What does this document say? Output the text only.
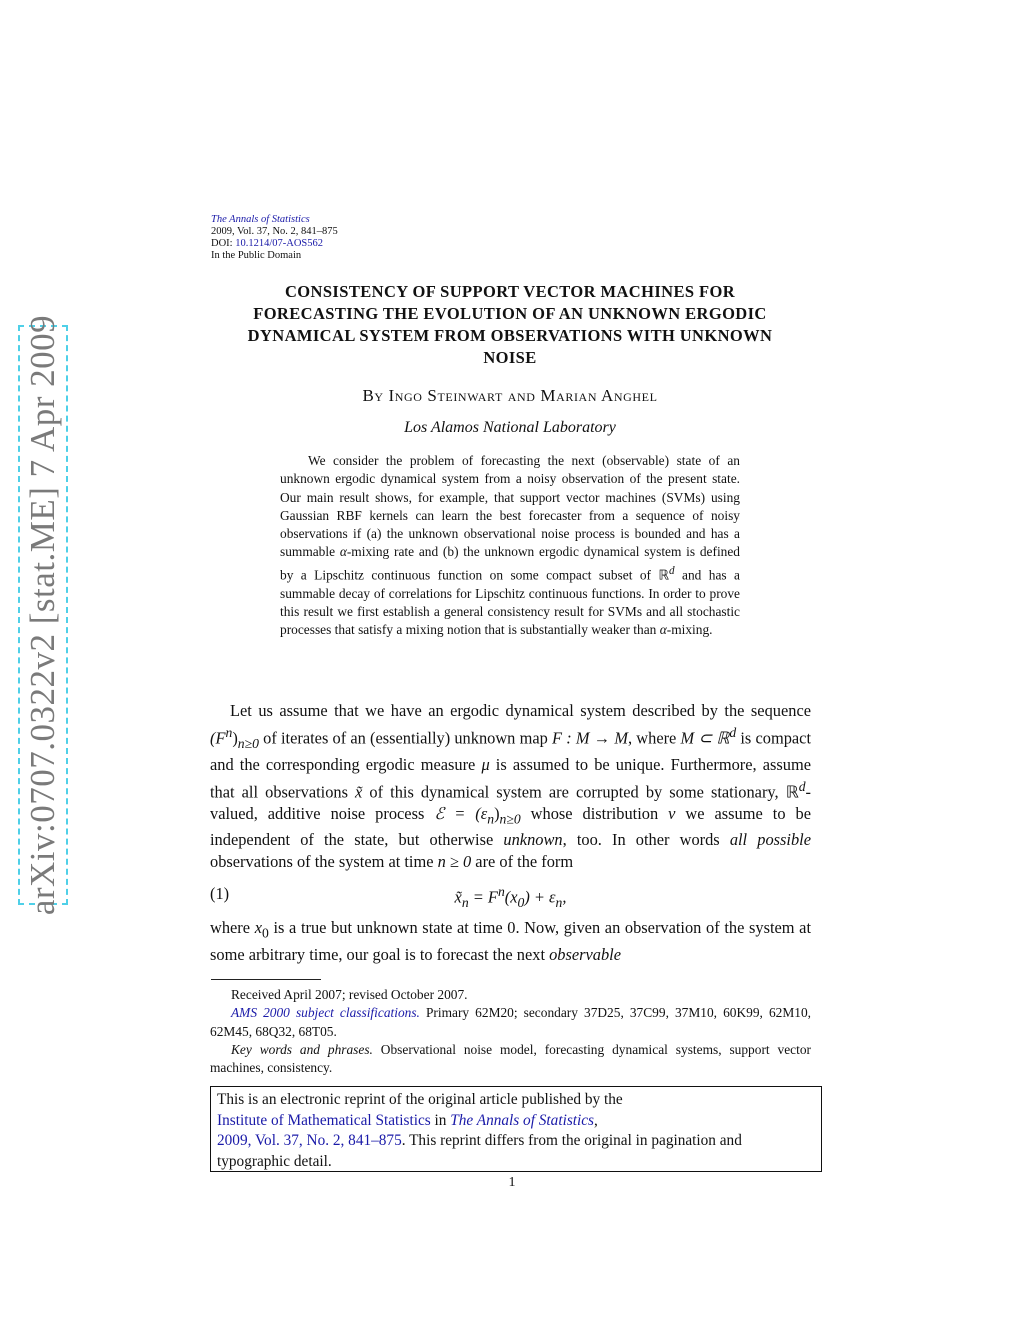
arXiv:0707.0322v2 [stat.ME] 7 Apr 2009
The Annals of Statistics
2009, Vol. 37, No. 2, 841–875
DOI: 10.1214/07-AOS562
In the Public Domain
CONSISTENCY OF SUPPORT VECTOR MACHINES FOR
FORECASTING THE EVOLUTION OF AN UNKNOWN ERGODIC
DYNAMICAL SYSTEM FROM OBSERVATIONS WITH UNKNOWN
NOISE
By Ingo Steinwart and Marian Anghel
Los Alamos National Laboratory
We consider the problem of forecasting the next (observable) state of an unknown ergodic dynamical system from a noisy observation of the present state. Our main result shows, for example, that support vector machines (SVMs) using Gaussian RBF kernels can learn the best forecaster from a sequence of noisy observations if (a) the unknown observational noise process is bounded and has a summable α-mixing rate and (b) the unknown ergodic dynamical system is defined by a Lipschitz continuous function on some compact subset of ℝ$^d$ and has a summable decay of correlations for Lipschitz continuous functions. In order to prove this result we first establish a general consistency result for SVMs and all stochastic processes that satisfy a mixing notion that is substantially weaker than α-mixing.
Let us assume that we have an ergodic dynamical system described by the sequence $(F^n)_{n\ge 0}$ of iterates of an (essentially) unknown map F : M → M, where M ⊂ ℝ$^d$ is compact and the corresponding ergodic measure μ is assumed to be unique. Furthermore, assume that all observations x̃ of this dynamical system are corrupted by some stationary, ℝ$^d$-valued, additive noise process ℰ = $(\varepsilon_n)_{n\ge 0}$ whose distribution ν we assume to be independent of the state, but otherwise unknown, too. In other words all possible observations of the system at time n ≥ 0 are of the form
(1)	$x̃_n = F^n(x_0) + \varepsilon_n$,
where $x_0$ is a true but unknown state at time 0. Now, given an observation of the system at some arbitrary time, our goal is to forecast the next observable

Received April 2007; revised October 2007.

AMS 2000 subject classifications. Primary 62M20; secondary 37D25, 37C99, 37M10, 60K99, 62M10, 62M45, 68Q32, 68T05.

Key words and phrases. Observational noise model, forecasting dynamical systems, support vector machines, consistency.

This is an electronic reprint of the original article published by the
Institute of Mathematical Statistics in The Annals of Statistics,
2009, Vol. 37, No. 2, 841–875. This reprint differs from the original in pagination and typographic detail.
1
